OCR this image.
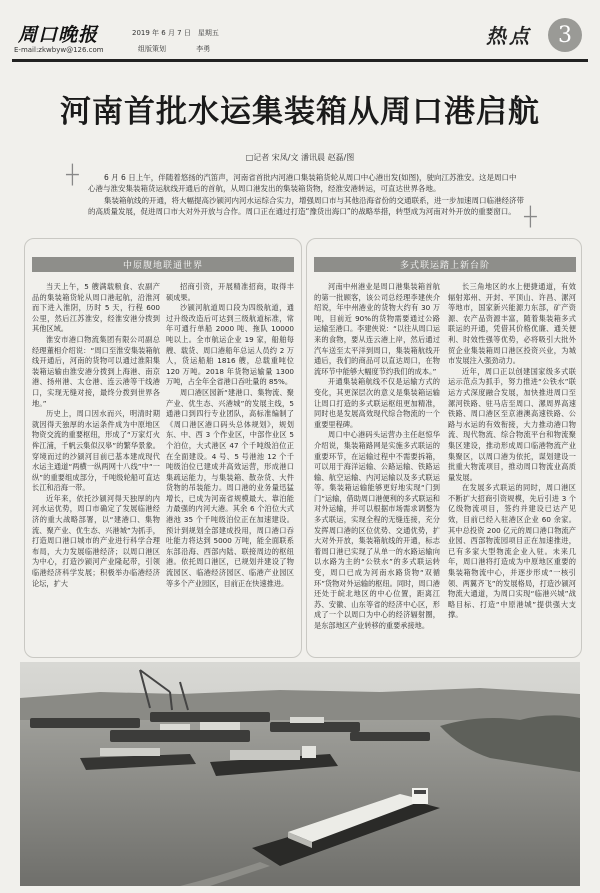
周口晚报
E-mail:zkwbyw@126.com
2019 年 6 月 7 日　星期五
组版策划	李勇
热点	3
河南首批水运集装箱从周口港启航
□记者 宋凤/文 潘讯晨 赵磊/图
┼
┼

6 月 6 日上午，伴随着悠扬的汽笛声，河南省首批内河港口集装箱货轮从周口中心港出发(如图)，驶向江苏淮安。这是周口中心港与淮安集装箱货运航线开通后的首航，从周口港发出的集装箱货物，经淮安港转运，可直达世界各地。

集装箱航线的开通，将大幅提高沙颍河内河水运综合实力，增强周口市与其他沿海省份的交通联系，进一步加速周口临港经济带的高质量发展，促进周口市大对外开放与合作。周口正在通过打造“豫货出海口”的战略举措，转型成为河南对外开放的重要窗口。

中原腹地联通世界

当天上午，5 艘满载粮食、农副产品的集装箱货轮从周口港起航，沿淮河而下进入淮阴，历时 5 天，行程 600 公里，然后江苏淮安，经淮安港分拨到其他区域。

淮安市港口物流集团有限公司副总经理董相介绍说：“周口至淮安集装箱航线开通后，河南的货物可以通过淮阳集装箱运输由淮安港分拨到上海港、南京港、扬州港、太仓港、连云港等干线港口，实现无缝对接，最终分拨到世界各地。”

历史上，周口因水而兴，明清时期就因得天独厚的水运条件成为中原地区物资交流的重要枢纽，形成了“万家灯火侔江浦，千帆云集似汉皋”的繁华景象。穿境而过的沙颍河目前已基本建成现代水运主通道“两横一纵两网十八线”中“一纵”的重要组成部分，千吨级轮船可直达长江和沿海一带。

近年来，依托沙颍河得天独厚的内河水运优势，周口市确定了发展临港经济的重大战略部署，以“建港口、集物流、聚产业、优生态、兴港城”为抓手，打造周口港口城市的产业进行科学合理布局，大力发展临港经济；以周口港区为中心，打造沙颍河产业隆起带，引领临港经济科学发展；积极举办临港经济论坛，扩大

招商引资，开展精准招商，取得丰硕成果。

沙颍河航道周口段为四级航道，通过升级改造后可达到三级航道标准，常年可通行单船 2000 吨、拖队 10000 吨以上。全市航运企业 19 家，船舶每艘、载货、周口港船年总运人员约 2 万人，货运船舶 1816 艘，总载重吨位 120 万吨。2018 年货物运输量 1300 万吨，占全年全省港口吞吐量的 85%。

周口港区园新“建港口、集物流、聚产业、优生态、兴港城”的发展主线，5 通港口到四行专业团队，高标准编制了《周口港区港口码头总体规划》，规划东、中、西 3 个作业区，中部作业区 5 个泊位，大式港区 47 个千吨级泊位正在全面建设。4 号、5 号港池 12 个千吨级泊位已建成并高效运营，形成港口集疏运能力，与集装箱、散杂货、大件货物的吊装能力。周口港的业务量迅猛增长，已成为河南省规模最大、靠泊能力最强的内河大港。其余 6 个泊位大式港池 35 个千吨级泊位正在加速建设。预计到规划全部建成投用，周口港口吞吐能力将达到 5000 万吨，能全面联系东部沿海、西部内陆、联接周边的枢纽港。依托周口港区，已规划并建设了物流园区、临港经济园区、临港产业园区等多个产业园区，目前正在快速推进。

多式联运踏上新台阶

河南中州港业是周口港集装箱首航的第一批顾客，该公司总经理李建侠介绍说，年中州港业的货物大约有 30 万吨，目前近 90%的货物需要通过公路运输至港口。李建侠说：“以往从周口运来的食物，要从连云港上岸，然后通过汽车送至太平洋到周口，集装箱航线开通后，我们的商品可以直达周口，在物流环节中能够大幅度节约我们的成本。”

开通集装箱航线不仅是运输方式的变化，其更深层次的意义是集装箱运输让周口打造的多式联运枢纽更加精准，同时也是发展高效现代综合物流的一个重要里程碑。

周口中心港码头运营办主任赵惊华介绍说，集装箱路网是实施多式联运的重要环节，在运输过程中不需要拆箱，可以用于海洋运输、公路运输、铁路运输、航空运输、内河运输以及多式联运等。集装箱运输能够更好地实现“门到门”运输，借助周口港便利的多式联运和对外运输，并可以根据市场需求调整为多式联运，实现全程的无缝连接，充分发挥周口港的区位优势、交通优势，扩大对外开放，集装箱航线的开通，标志着周口港已实现了从单一的水路运输向以水路为主的“公铁水”的多式联运转变，周口已成为河南水路货物“双循环”货物对外运输的枢纽。同时，周口港还处于皖北地区的中心位置，距离江苏、安徽、山东等省的经济中心区，形成了一个以周口为中心的经济辐射圈，是东部地区产业转移的重要承接地。

长三角地区的水上便捷通道，有效辐射郑州、开封、平顶山、许昌、漯河等地市，国家新兴能源力东部，矿产资源、农产品资源丰富，随着集装箱多式联运的开通，凭借其价格优廉、通关便利、时效性强等优势，必将吸引大批外贸企业集装箱周口港区投资兴业，为城市发展注入强劲动力。

近年，周口正以创建国家级多式联运示范点为抓手，努力推进“公铁水”联运方式深度融合发展，加快推进周口至漯河铁路、驻马店至周口、漯周界高速铁路、周口港区至京港澳高速铁路、公路与水运的有效衔接，大力推动港口物流、现代物流、综合物流平台和物流聚集区建设，推动形成周口临港物流产业集聚区，以周口港为依托，谋划建设一批重大物流项目，推动周口物流业高质量发展。

在发展多式联运的同时，周口港区不断扩大招商引资规模，先后引进 3 个亿级物流项目，签约并建设已达产见效，目前已经入驻港区企业 60 余家。其中总投资 200 亿元的周口港口物流产业园、西部物流园项目正在加速推进，已有多家大型物流企业入驻。未来几年，周口港将打造成为中原地区重要的集装箱物流中心，并逐步形成“一核引领、两翼齐飞”的发展格局，打造沙颍河物流大通道，为周口实现“临港兴城”战略目标、打造“中原港城”提供强大支撑。
